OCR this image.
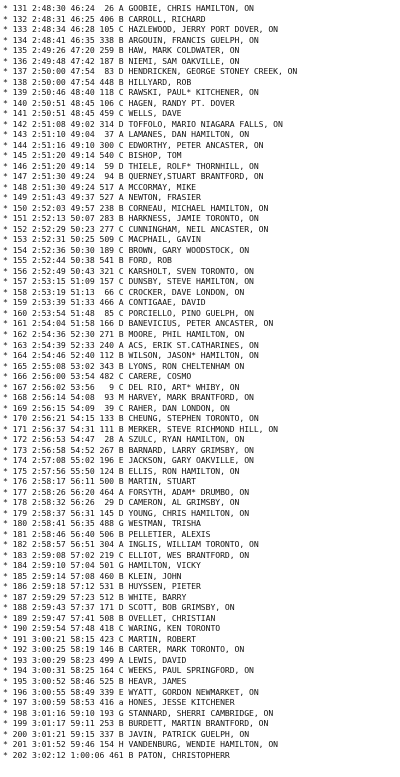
* 131 2:48:30 46:24  26 A GOOBIE, CHRIS HAMILTON, ON
* 132 2:48:31 46:25 406 B CARROLL, RICHARD
* 133 2:48:34 46:28 105 C HAZLEWOOD, JERRY PORT DOVER, ON
* 134 2:48:41 46:35 338 B ARGOUIN, FRANCIS GUELPH, ON
* 135 2:49:26 47:20 259 B HAW, MARK COLDWATER, ON
* 136 2:49:48 47:42 187 B NIEMI, SAM OAKVILLE, ON
* 137 2:50:00 47:54  83 D HENDRICKEN, GEORGE STONEY CREEK, ON
* 138 2:50:00 47:54 448 B HILLYARD, ROB
* 139 2:50:46 48:40 118 C RAWSKI, PAUL* KITCHENER, ON
* 140 2:50:51 48:45 106 C HAGEN, RANDY PT. DOVER
* 141 2:50:51 48:45 459 C WELLS, DAVE
* 142 2:51:08 49:02 314 D TOFFOLO, MARIO NIAGARA FALLS, ON
* 143 2:51:10 49:04  37 A LAMANES, DAN HAMILTON, ON
* 144 2:51:16 49:10 300 C EDWORTHY, PETER ANCASTER, ON
* 145 2:51:20 49:14 540 C BISHOP, TOM
* 146 2:51:20 49:14  59 D THIELE, ROLF* THORNHILL, ON
* 147 2:51:30 49:24  94 B QUERNEY,STUART BRANTFORD, ON
* 148 2:51:30 49:24 517 A MCCORMAY, MIKE
* 149 2:51:43 49:37 527 A NEWTON, FRASIER
* 150 2:52:03 49:57 238 B CORNEAU, MICHAEL HAMILTON, ON
* 151 2:52:13 50:07 283 B HARKNESS, JAMIE TORONTO, ON
* 152 2:52:29 50:23 277 C CUNNINGHAM, NEIL ANCASTER, ON
* 153 2:52:31 50:25 509 C MACPHAIL, GAVIN
* 154 2:52:36 50:30 189 C BROWN, GARY WOODSTOCK, ON
* 155 2:52:44 50:38 541 B FORD, ROB
* 156 2:52:49 50:43 321 C KARSHOLT, SVEN TORONTO, ON
* 157 2:53:15 51:09 157 C DUNSBY, STEVE HAMILTON, ON
* 158 2:53:19 51:13  66 C CROCKER, DAVE LONDON, ON
* 159 2:53:39 51:33 466 A CONTIGAAE, DAVID
* 160 2:53:54 51:48  85 C PORCIELLO, PINO GUELPH, ON
* 161 2:54:04 51:58 166 D BANEVICIUS, PETER ANCASTER, ON
* 162 2:54:36 52:30 271 B MOORE, PHIL HAMILTON, ON
* 163 2:54:39 52:33 240 A ACS, ERIK ST.CATHARINES, ON
* 164 2:54:46 52:40 112 B WILSON, JASON* HAMILTON, ON
* 165 2:55:08 53:02 343 B LYONS, RON CHELTENHAM ON
* 166 2:56:00 53:54 482 C CARERE, COSMO
* 167 2:56:02 53:56   9 C DEL RIO, ART* WHIBY, ON
* 168 2:56:14 54:08  93 M HARVEY, MARK BRANTFORD, ON
* 169 2:56:15 54:09  39 C RAHER, DAN LONDON, ON
* 170 2:56:21 54:15 133 B CHEUNG, STEPHEN TORONTO, ON
* 171 2:56:37 54:31 111 B MERKER, STEVE RICHMOND HILL, ON
* 172 2:56:53 54:47  28 A SZULC, RYAN HAMILTON, ON
* 173 2:56:58 54:52 267 B BARNARD, LARRY GRIMSBY, ON
* 174 2:57:08 55:02 196 E JACKSON, GARY OAKVILLE, ON
* 175 2:57:56 55:50 124 B ELLIS, RON HAMILTON, ON
* 176 2:58:17 56:11 500 B MARTIN, STUART
* 177 2:58:26 56:20 464 A FORSYTH, ADAM* DRUMBO, ON
* 178 2:58:32 56:26  29 D CAMERON, AL GRIMSBY, ON
* 179 2:58:37 56:31 145 D YOUNG, CHRIS HAMILTON, ON
* 180 2:58:41 56:35 488 G WESTMAN, TRISHA
* 181 2:58:46 56:40 506 B PELLETIER, ALEXIS
* 182 2:58:57 56:51 304 A INGLIS, WILLIAM TORONTO, ON
* 183 2:59:08 57:02 219 C ELLIOT, WES BRANTFORD, ON
* 184 2:59:10 57:04 501 G HAMILTON, VICKY
* 185 2:59:14 57:08 460 B KLEIN, JOHN
* 186 2:59:18 57:12 531 B HUYSSEN, PIETER
* 187 2:59:29 57:23 512 B WHITE, BARRY
* 188 2:59:43 57:37 171 D SCOTT, BOB GRIMSBY, ON
* 189 2:59:47 57:41 508 B OVELLET, CHRISTIAN
* 190 2:59:54 57:48 418 C WARING, KEN TORONTO
* 191 3:00:21 58:15 423 C MARTIN, ROBERT
* 192 3:00:25 58:19 146 B CARTER, MARK TORONTO, ON
* 193 3:00:29 58:23 499 A LEWIS, DAVID
* 194 3:00:31 58:25 164 C WEEKS, PAUL SPRINGFORD, ON
* 195 3:00:52 58:46 525 B HEAVR, JAMES
* 196 3:00:55 58:49 339 E WYATT, GORDON NEWMARKET, ON
* 197 3:00:59 58:53 416 a HONES, JESSE KITCHENER
* 198 3:01:16 59:10 193 G STANNARD, SHERRI CAMBRIDGE, ON
* 199 3:01:17 59:11 253 B BURDETT, MARTIN BRANTFORD, ON
* 200 3:01:21 59:15 337 B JAVIN, PATRICK GUELPH, ON
* 201 3:01:52 59:46 154 H VANDENBURG, WENDIE HAMILTON, ON
* 202 3:02:12 1:00:06 461 B PATON, CHRISTOPHERR
